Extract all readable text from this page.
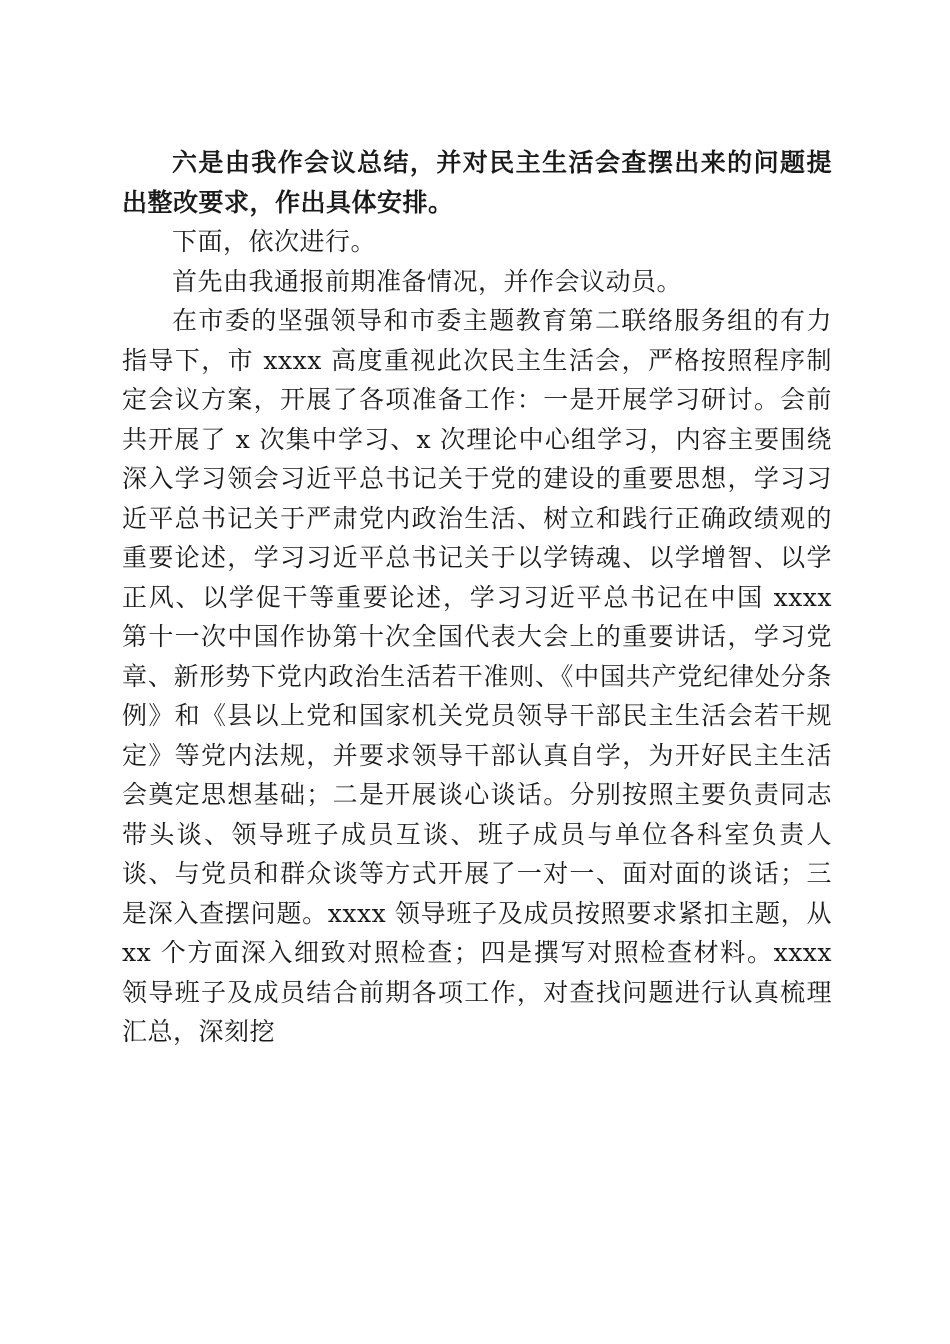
六是由我作会议总结，并对民主生活会查摆出来的问题提出整改要求，作出具体安排。

下面，依次进行。

首先由我通报前期准备情况，并作会议动员。

在市委的坚强领导和市委主题教育第二联络服务组的有力指导下，市 xxxx 高度重视此次民主生活会，严格按照程序制定会议方案，开展了各项准备工作：一是开展学习研讨。会前共开展了 x 次集中学习、x 次理论中心组学习，内容主要围绕深入学习领会习近平总书记关于党的建设的重要思想，学习习近平总书记关于严肃党内政治生活、树立和践行正确政绩观的重要论述，学习习近平总书记关于以学铸魂、以学增智、以学正风、以学促干等重要论述，学习习近平总书记在中国 xxxx 第十一次中国作协第十次全国代表大会上的重要讲话，学习党章、新形势下党内政治生活若干准则、《中国共产党纪律处分条例》和《县以上党和国家机关党员领导干部民主生活会若干规定》等党内法规，并要求领导干部认真自学，为开好民主生活会奠定思想基础；二是开展谈心谈话。分别按照主要负责同志带头谈、领导班子成员互谈、班子成员与单位各科室负责人谈、与党员和群众谈等方式开展了一对一、面对面的谈话；三是深入查摆问题。xxxx 领导班子及成员按照要求紧扣主题，从 xx 个方面深入细致对照检查；四是撰写对照检查材料。xxxx 领导班子及成员结合前期各项工作，对查找问题进行认真梳理汇总，深刻挖
